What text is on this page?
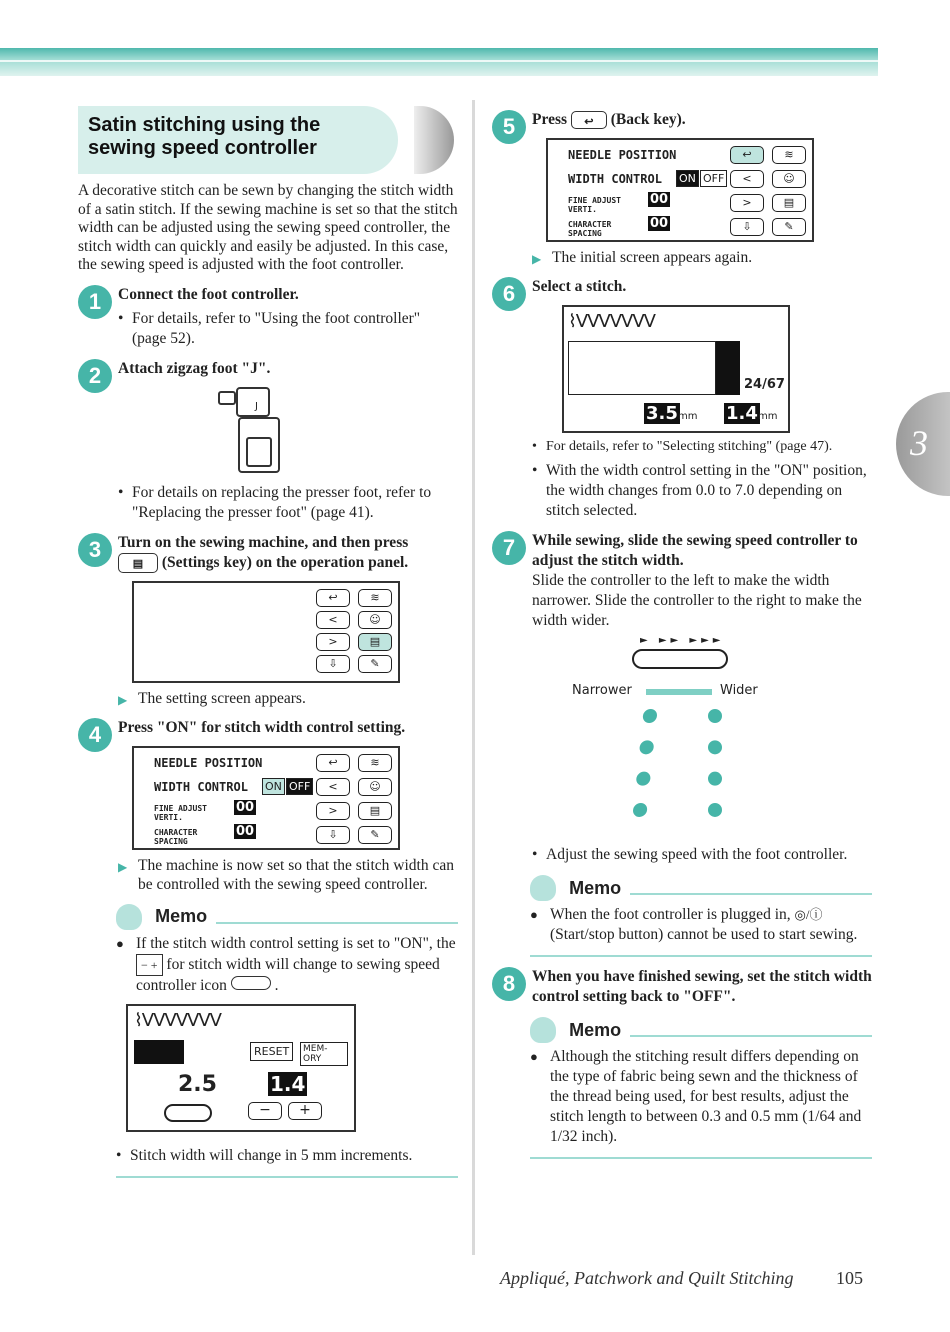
3
Satin stitching using the sewing speed controller

A decorative stitch can be sewn by changing the stitch width of a satin stitch. If the sewing machine is set so that the stitch width can be adjusted using the sewing speed controller, the stitch width can quickly and easily be adjusted. In this case, the sewing speed is adjusted with the foot controller.

1	Connect the foot controller.
• For details, refer to "Using the foot controller" (page 52).
2	Attach zigzag foot "J".
J
• For details on replacing the presser foot, refer to "Replacing the presser foot" (page 41).
3	Turn on the sewing machine, and then press
▤ (Settings key) on the operation panel.
↩	≋
<	☺
>	▤
⇩	✎
▶ The setting screen appears.
4	Press "ON" for stitch width control setting.
NEEDLE POSITION
WIDTH CONTROL ON OFF
FINE ADJUST VERTI.
CHARACTER SPACING
00
00
↩	≋
<	☺
>	▤
⇩	✎
▶ The machine is now set so that the stitch width can be controlled with the sewing speed controller.
Memo
● If the stitch width control setting is set to "ON", the − + for stitch width will change to sewing speed controller icon	.
⌇ᐯᐯᐯᐯᐯᐯᐯ
RESET	MEM-ORY
2.5	1.4
−	+
• Stitch width will change in 5 mm increments.
5	Press ↩ (Back key).
NEEDLE POSITION
WIDTH CONTROL ON OFF
FINE ADJUST VERTI.
CHARACTER SPACING
00
00
↩	≋
<	☺
>	▤
⇩	✎
▶ The initial screen appears again.
6	Select a stitch.
⌇ᐯᐯᐯᐯᐯᐯᐯ
24/67
3.5 mm 1.4 mm
• For details, refer to "Selecting stitching" (page 47).
• With the width control setting in the "ON" position, the width changes from 0.0 to 7.0 depending on stitch selected.
7	While sewing, slide the sewing speed controller to adjust the stitch width.

Slide the controller to the left to make the width narrower. Slide the controller to the right to make the width wider.

► ►► ►►►
Narrower	Wider
• Adjust the sewing speed with the foot controller.
Memo
● When the foot controller is plugged in, ◎/ⓘ (Start/stop button) cannot be used to start sewing.
8	When you have finished sewing, set the stitch width control setting back to "OFF".
Memo
● Although the stitching result differs depending on the type of fabric being sewn and the thickness of the thread being used, for best results, adjust the stitch length to between 0.3 and 0.5 mm (1/64 and 1/32 inch).
Appliqué, Patchwork and Quilt Stitching 105
